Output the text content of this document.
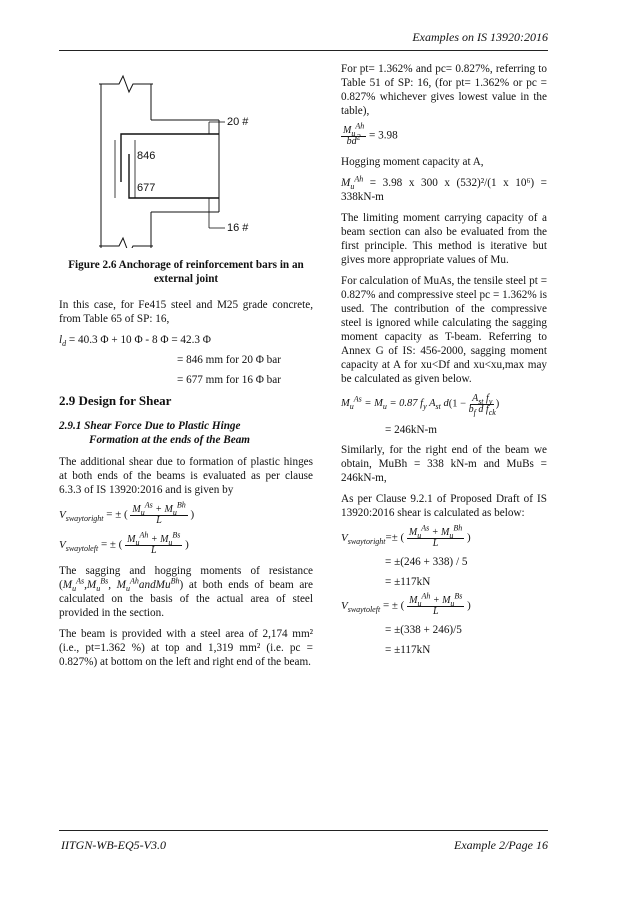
Examples on IS 13920:2016
20 #
16 #
846
677
Figure 2.6 Anchorage of reinforcement bars in an external joint

In this case, for Fe415 steel and M25 grade concrete, from Table 65 of SP: 16,

$l_d = 40.3$ Φ + 10 Φ - 8 Φ = 42.3 Φ
= 846 mm for 20 Φ bar
= 677 mm for 16 Φ bar
2.9 Design for Shear
2.9.1 Shear Force Due to Plastic Hinge
Formation at the ends of the Beam

The additional shear due to formation of plastic hinges at both ends of the beams is evaluated as per clause 6.3.3 of IS 13920:2016 and is given by

$V_{swaytoright}$ = ± ( $M_u^{As} + M_u^{Bh}$
L )
$V_{swaytoleft}$ = ± ( $M_u^{Ah} + M_u^{Bs}$
L )

The sagging and hogging moments of resistance ($M_u^{As},M_u^{Bs}$, $M_u^{Ah}andMu^{Bh}$) at both ends of beam are calculated on the basis of the actual area of steel provided in the section.

The beam is provided with a steel area of 2,174 mm² (i.e., pt=1.362 %) at top and 1,319 mm² (i.e. pc = 0.827%) at bottom on the left and right end of the beam.

For pt= 1.362% and pc= 0.827%, referring to Table 51 of SP: 16, (for pt= 1.362% or pc = 0.827% whichever gives lowest value in the table),

$M_u^{Ah}$
$bd^2 = 3.98$

Hogging moment capacity at A,

$M_u^{Ah} = 3.98$ x 300 x (532)²/(1 x 10⁶) = 338kN-m

The limiting moment carrying capacity of a beam section can also be evaluated from the first principle. This method is iterative but gives more appropriate values of Mu.

For calculation of MuAs, the tensile steel pt = 0.827% and compressive steel pc = 1.362% is used. The contribution of the compressive steel is ignored while calculating the sagging moment capacity as T-beam. Referring to Annex G of IS: 456-2000, sagging moment capacity at A for xu<Df and xu<xu,max may be calculated as given below.

$M_u^{As} = M_u = 0.87$ $f_y$ $A_{st}$ $d(1 - A_{st}$ $f_y$
$b_f$ d $f_{ck}$)
= 246kN-m

Similarly, for the right end of the beam we obtain, MuBh = 338 kN-m and MuBs = 246kN-m,

As per Clause 9.2.1 of Proposed Draft of IS 13920:2016 shear is calculated as below:

$V_{swaytoright}=\pm$ ( $M_u^{As} + M_u^{Bh}$
L )
= ±(246 + 338) / 5
= ±117kN
$V_{swaytoleft}$ = ± ( $M_u^{Ah} + M_u^{Bs}$
L )
= ±(338 + 246)/5
= ±117kN
IITGN-WB-EQ5-V3.0	Example 2/Page 16
